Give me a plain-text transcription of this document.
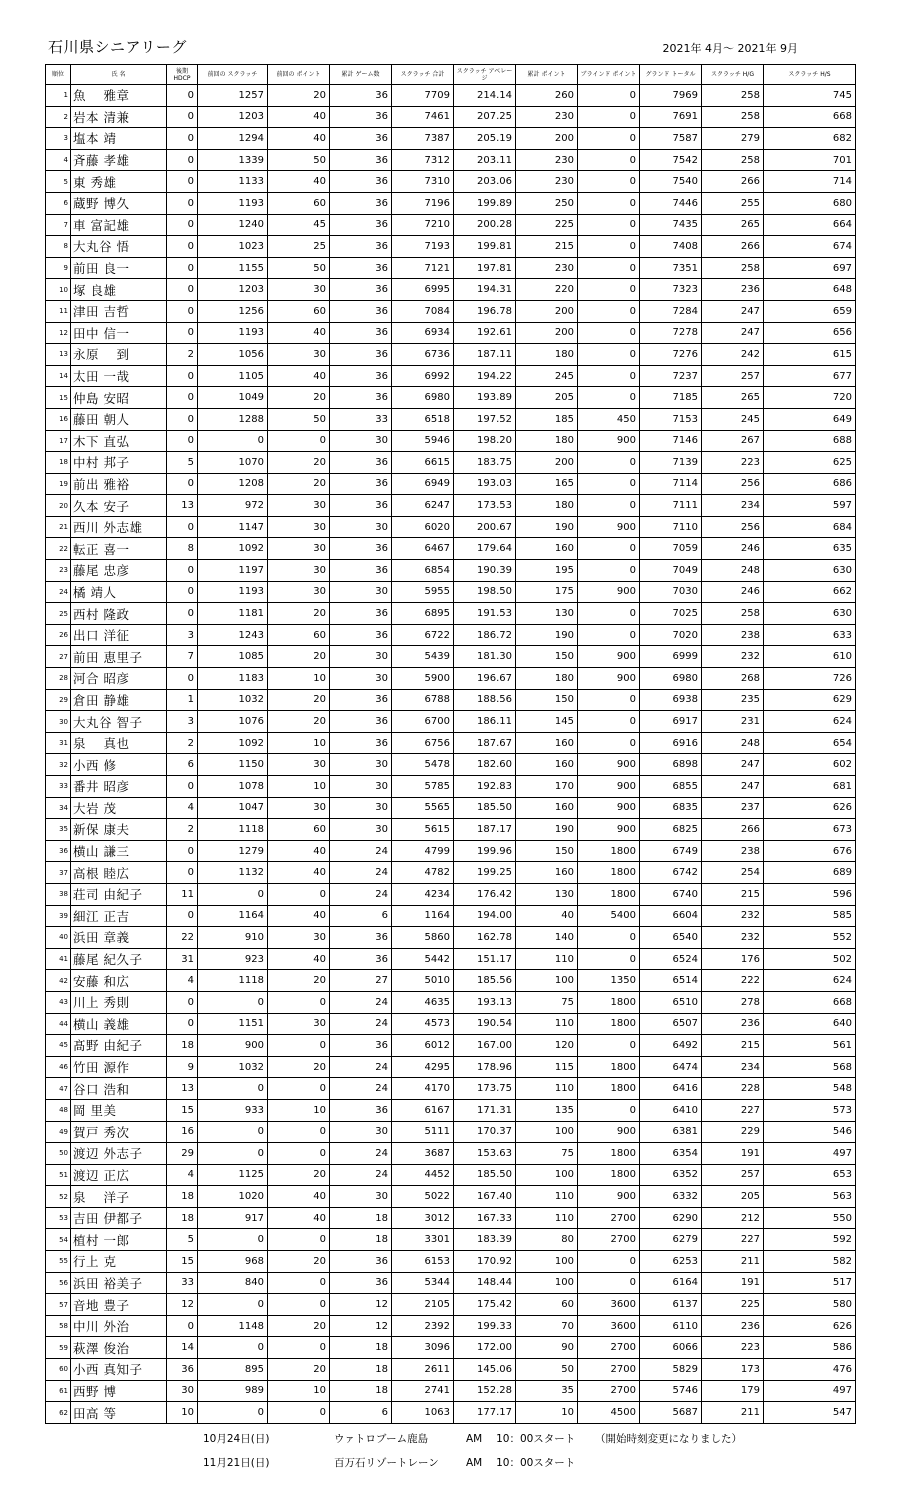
石川県シニアリーグ	2021年 4月～ 2021年 9月
順位	氏 名	後期 HDCP	前回の スクラッチ	前回の ポイント	累計 ゲーム数	スクラッチ 合計	スクラッチ アベレージ	累計 ポイント	ブラインド ポイント	グランド トータル	スクラッチ H/G	スクラッチ H/S
1	魚　 雅章	0	1257	20	36	7709	214.14	260	0	7969	258	745
2	岩本 清兼	0	1203	40	36	7461	207.25	230	0	7691	258	668
3	塩本 靖	0	1294	40	36	7387	205.19	200	0	7587	279	682
4	斉藤 孝雄	0	1339	50	36	7312	203.11	230	0	7542	258	701
5	東 秀雄	0	1133	40	36	7310	203.06	230	0	7540	266	714
6	蔵野 博久	0	1193	60	36	7196	199.89	250	0	7446	255	680
7	車 富記雄	0	1240	45	36	7210	200.28	225	0	7435	265	664
8	大丸谷 悟	0	1023	25	36	7193	199.81	215	0	7408	266	674
9	前田 良一	0	1155	50	36	7121	197.81	230	0	7351	258	697
10	塚 良雄	0	1203	30	36	6995	194.31	220	0	7323	236	648
11	津田 吉哲	0	1256	60	36	7084	196.78	200	0	7284	247	659
12	田中 信一	0	1193	40	36	6934	192.61	200	0	7278	247	656
13	永原　 到	2	1056	30	36	6736	187.11	180	0	7276	242	615
14	太田 一哉	0	1105	40	36	6992	194.22	245	0	7237	257	677
15	仲島 安昭	0	1049	20	36	6980	193.89	205	0	7185	265	720
16	藤田 朝人	0	1288	50	33	6518	197.52	185	450	7153	245	649
17	木下 直弘	0	0	0	30	5946	198.20	180	900	7146	267	688
18	中村 邦子	5	1070	20	36	6615	183.75	200	0	7139	223	625
19	前出 雅裕	0	1208	20	36	6949	193.03	165	0	7114	256	686
20	久本 安子	13	972	30	36	6247	173.53	180	0	7111	234	597
21	西川 外志雄	0	1147	30	30	6020	200.67	190	900	7110	256	684
22	転正 喜一	8	1092	30	36	6467	179.64	160	0	7059	246	635
23	藤尾 忠彦	0	1197	30	36	6854	190.39	195	0	7049	248	630
24	橘 靖人	0	1193	30	30	5955	198.50	175	900	7030	246	662
25	西村 隆政	0	1181	20	36	6895	191.53	130	0	7025	258	630
26	出口 洋征	3	1243	60	36	6722	186.72	190	0	7020	238	633
27	前田 恵里子	7	1085	20	30	5439	181.30	150	900	6999	232	610
28	河合 昭彦	0	1183	10	30	5900	196.67	180	900	6980	268	726
29	倉田 静雄	1	1032	20	36	6788	188.56	150	0	6938	235	629
30	大丸谷 智子	3	1076	20	36	6700	186.11	145	0	6917	231	624
31	泉　 真也	2	1092	10	36	6756	187.67	160	0	6916	248	654
32	小西 修	6	1150	30	30	5478	182.60	160	900	6898	247	602
33	番井 昭彦	0	1078	10	30	5785	192.83	170	900	6855	247	681
34	大岩 茂	4	1047	30	30	5565	185.50	160	900	6835	237	626
35	新保 康夫	2	1118	60	30	5615	187.17	190	900	6825	266	673
36	横山 謙三	0	1279	40	24	4799	199.96	150	1800	6749	238	676
37	高根 睦広	0	1132	40	24	4782	199.25	160	1800	6742	254	689
38	荘司 由紀子	11	0	0	24	4234	176.42	130	1800	6740	215	596
39	細江 正吉	0	1164	40	6	1164	194.00	40	5400	6604	232	585
40	浜田 章義	22	910	30	36	5860	162.78	140	0	6540	232	552
41	藤尾 紀久子	31	923	40	36	5442	151.17	110	0	6524	176	502
42	安藤 和広	4	1118	20	27	5010	185.56	100	1350	6514	222	624
43	川上 秀則	0	0	0	24	4635	193.13	75	1800	6510	278	668
44	横山 義雄	0	1151	30	24	4573	190.54	110	1800	6507	236	640
45	髙野 由紀子	18	900	0	36	6012	167.00	120	0	6492	215	561
46	竹田 源作	9	1032	20	24	4295	178.96	115	1800	6474	234	568
47	谷口 浩和	13	0	0	24	4170	173.75	110	1800	6416	228	548
48	岡 里美	15	933	10	36	6167	171.31	135	0	6410	227	573
49	賀戸 秀次	16	0	0	30	5111	170.37	100	900	6381	229	546
50	渡辺 外志子	29	0	0	24	3687	153.63	75	1800	6354	191	497
51	渡辺 正広	4	1125	20	24	4452	185.50	100	1800	6352	257	653
52	泉　 洋子	18	1020	40	30	5022	167.40	110	900	6332	205	563
53	吉田 伊都子	18	917	40	18	3012	167.33	110	2700	6290	212	550
54	植村 一郎	5	0	0	18	3301	183.39	80	2700	6279	227	592
55	行上 克	15	968	20	36	6153	170.92	100	0	6253	211	582
56	浜田 裕美子	33	840	0	36	5344	148.44	100	0	6164	191	517
57	音地 豊子	12	0	0	12	2105	175.42	60	3600	6137	225	580
58	中川 外治	0	1148	20	12	2392	199.33	70	3600	6110	236	626
59	萩澤 俊治	14	0	0	18	3096	172.00	90	2700	6066	223	586
60	小西 真知子	36	895	20	18	2611	145.06	50	2700	5829	173	476
61	西野 博	30	989	10	18	2741	152.28	35	2700	5746	179	497
62	田高 等	10	0	0	6	1063	177.17	10	4500	5687	211	547
10月24日(日)	ウァトロブーム鹿島	AM　 10：00スタート （開始時刻変更になりました）
11月21日(日)	百万石リゾートレーン	AM　 10：00スタート
